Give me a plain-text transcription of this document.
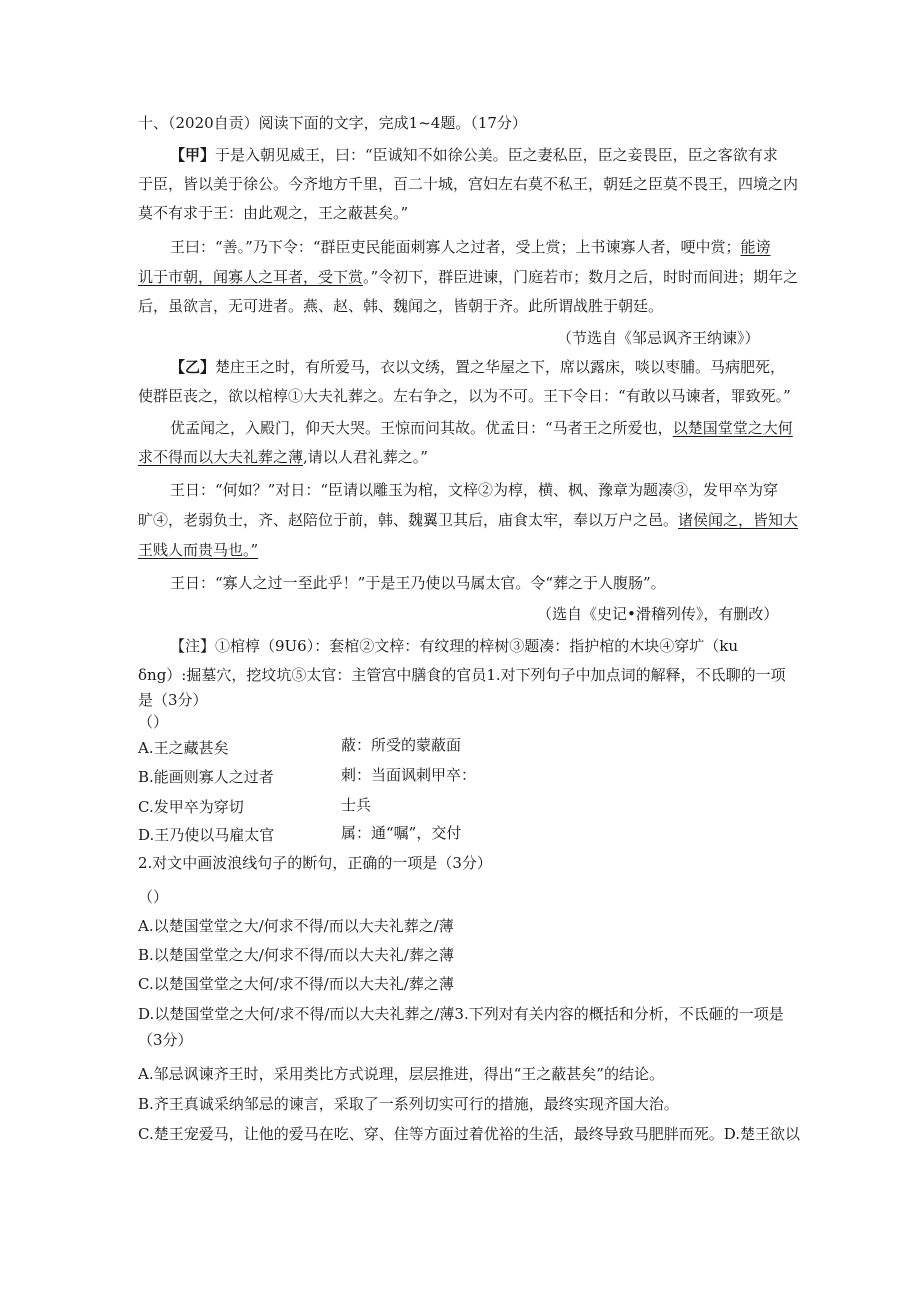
十、（2020自贡）阅读下面的文字，完成1~4题。（17分）
【甲】于是入朝见威王，曰：“臣诚知不如徐公美。臣之妻私臣，臣之妾畏臣，臣之客欲有求
于臣，皆以美于徐公。今齐地方千里，百二十城，宫妇左右莫不私王，朝廷之臣莫不畏王，四境之内
莫不有求于王：由此观之，王之蔽甚矣。”
王曰：“善。”乃下令：“群臣吏民能面刺寡人之过者，受上赏；上书谏寡人者，哽中赏；能谤
讥于市朝，闻寡人之耳者，受下赏。”令初下，群臣进谏，门庭若市；数月之后，时时而间进；期年之
后，虽欲言，无可进者。燕、赵、韩、魏闻之，皆朝于齐。此所谓战胜于朝廷。
（节选自《邹忌讽齐王纳谏》）
【乙】楚庄王之时，有所爱马，衣以文绣，置之华屋之下，席以露床，啖以枣脯。马病肥死，
使群臣丧之，欲以棺椁①大夫礼葬之。左右争之，以为不可。王下令日：“有敢以马谏者，罪致死。”
优孟闻之，入殿门，仰天大哭。王惊而问其故。优孟日：“马者王之所爱也，以楚国堂堂之大何
求不得而以大夫礼葬之薄,请以人君礼葬之。”
王日：“何如？”对日：“臣请以雕玉为棺，文梓②为椁，横、枫、豫章为题凑③，发甲卒为穿
旷④，老弱负士，齐、赵陪位于前，韩、魏翼卫其后，庙食太牢，奉以万户之邑。诸侯闻之，皆知大
王贱人而贵马也。”
王日：“寡人之过一至此乎！”于是王乃使以马属太官。令“葬之于人腹肠”。
（选自《史记•滑稽列传》，有删改）
【注】①棺椁（9U6）：套棺②文梓：有纹理的梓树③题凑：指护棺的木块④穿圹（ku
δng）:掘墓穴，挖坟坑⑤太官：主管宫中膳食的官员1.对下列句子中加点词的解释，不氐聊的一项
是（3分）
（）
A.王之藏甚矣	蔽：所受的蒙蔽面
B.能画则寡人之过者	刺：当面讽刺甲卒：
C.发甲卒为穿切	士兵
D.王乃使以马雇太官	属：通“嘱”，交付
2.对文中画波浪线句子的断句，正确的一项是（3分）
（）
A.以楚国堂堂之大/何求不得/而以大夫礼葬之/薄
B.以楚国堂堂之大/何求不得/而以大夫礼/葬之薄
C.以楚国堂堂之大何/求不得/而以大夫礼/葬之薄
D.以楚国堂堂之大何/求不得/而以大夫礼葬之/薄3.下列对有关内容的概括和分析，不氐砸的一项是
（3分）
A.邹忌讽谏齐王时，采用类比方式说理，层层推进，得出“王之蔽甚矣”的结论。
B.齐王真诚采纳邹忌的谏言，采取了一系列切实可行的措施，最终实现齐国大治。
C.楚王宠爱马，让他的爱马在吃、穿、住等方面过着优裕的生活，最终导致马肥胖而死。D.楚王欲以
